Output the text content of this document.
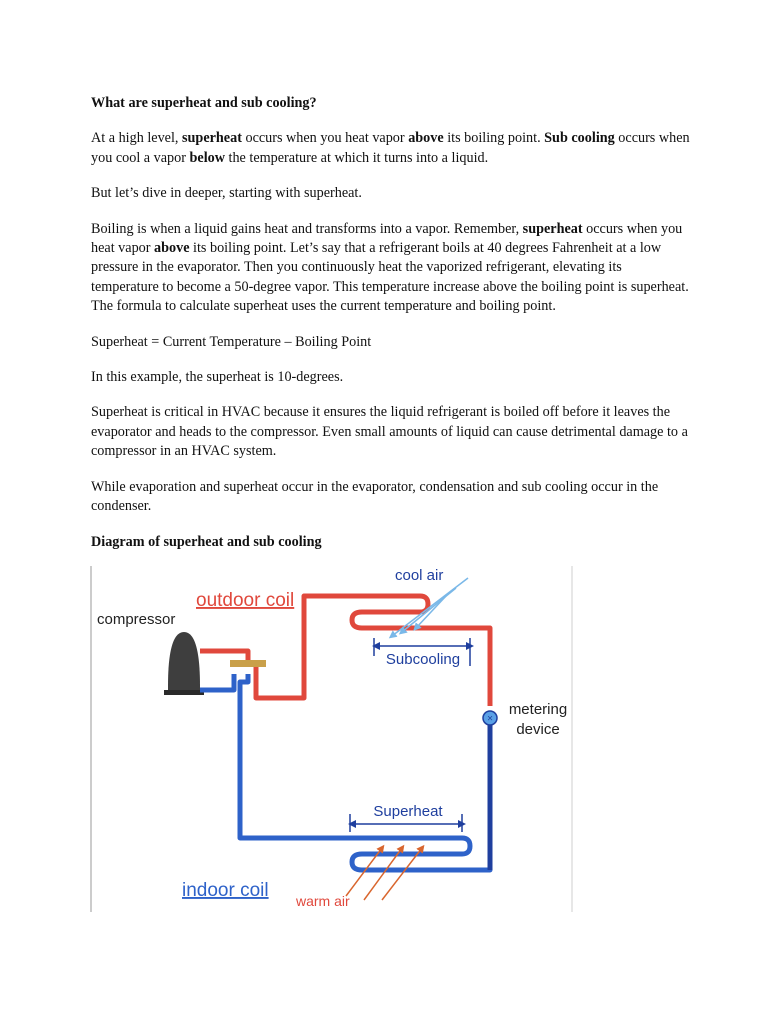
What are superheat and sub cooling?

At a high level, superheat occurs when you heat vapor above its boiling point. Sub cooling occurs when you cool a vapor below the temperature at which it turns into a liquid.

But let’s dive in deeper, starting with superheat.

Boiling is when a liquid gains heat and transforms into a vapor. Remember, superheat occurs when you heat vapor above its boiling point. Let’s say that a refrigerant boils at 40 degrees Fahrenheit at a low pressure in the evaporator. Then you continuously heat the vaporized refrigerant, elevating its temperature to become a 50-degree vapor. This temperature increase above the boiling point is superheat. The formula to calculate superheat uses the current temperature and boiling point.

Superheat = Current Temperature – Boiling Point

In this example, the superheat is 10-degrees.

Superheat is critical in HVAC because it ensures the liquid refrigerant is boiled off before it leaves the evaporator and heads to the compressor. Even small amounts of liquid can cause detrimental damage to a compressor in an HVAC system.

While evaporation and superheat occur in the evaporator, condensation and sub cooling occur in the condenser.

Diagram of superheat and sub cooling

×
compressor
outdoor coil
cool air
Subcooling
metering
device
Superheat
indoor coil warm air
